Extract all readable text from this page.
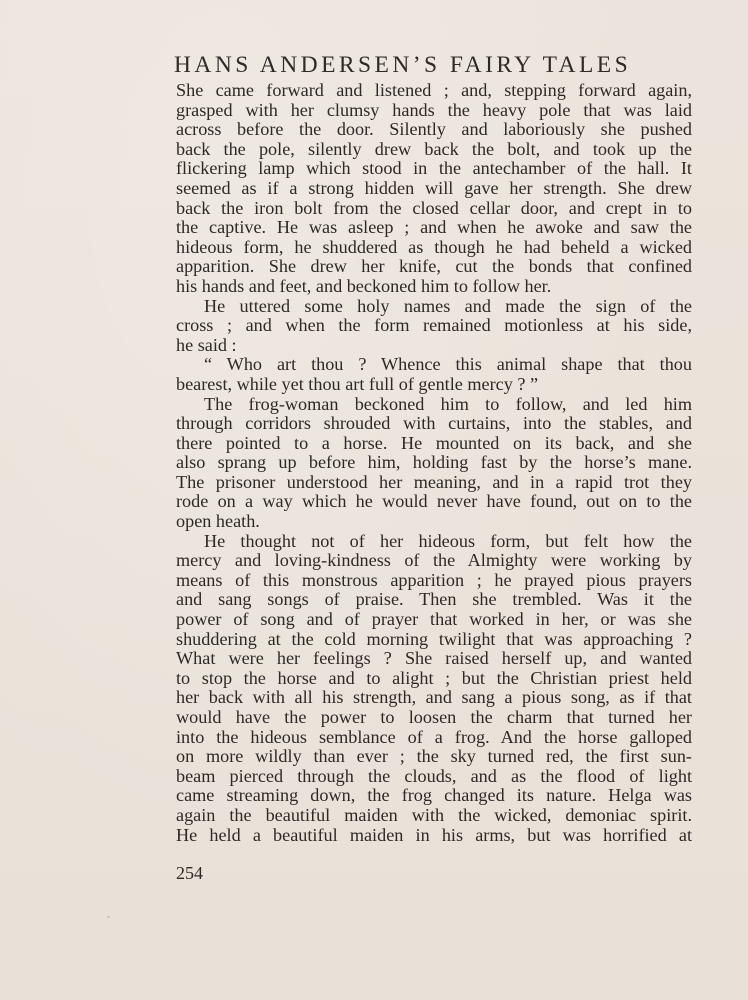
HANS ANDERSEN’S FAIRY TALES
She came forward and listened ; and, stepping forward again,
grasped with her clumsy hands the heavy pole that was laid
across before the door. Silently and laboriously she pushed
back the pole, silently drew back the bolt, and took up the
flickering lamp which stood in the antechamber of the hall. It
seemed as if a strong hidden will gave her strength. She drew
back the iron bolt from the closed cellar door, and crept in to
the captive. He was asleep ; and when he awoke and saw the
hideous form, he shuddered as though he had beheld a wicked
apparition. She drew her knife, cut the bonds that confined
his hands and feet, and beckoned him to follow her.
He uttered some holy names and made the sign of the
cross ; and when the form remained motionless at his side,
he said :
“ Who art thou ? Whence this animal shape that thou
bearest, while yet thou art full of gentle mercy ? ”
The frog-woman beckoned him to follow, and led him
through corridors shrouded with curtains, into the stables, and
there pointed to a horse. He mounted on its back, and she
also sprang up before him, holding fast by the horse’s mane.
The prisoner understood her meaning, and in a rapid trot they
rode on a way which he would never have found, out on to the
open heath.
He thought not of her hideous form, but felt how the
mercy and loving-kindness of the Almighty were working by
means of this monstrous apparition ; he prayed pious prayers
and sang songs of praise. Then she trembled. Was it the
power of song and of prayer that worked in her, or was she
shuddering at the cold morning twilight that was approaching ?
What were her feelings ? She raised herself up, and wanted
to stop the horse and to alight ; but the Christian priest held
her back with all his strength, and sang a pious song, as if that
would have the power to loosen the charm that turned her
into the hideous semblance of a frog. And the horse galloped
on more wildly than ever ; the sky turned red, the first sun-
beam pierced through the clouds, and as the flood of light
came streaming down, the frog changed its nature. Helga was
again the beautiful maiden with the wicked, demoniac spirit.
He held a beautiful maiden in his arms, but was horrified at
254
